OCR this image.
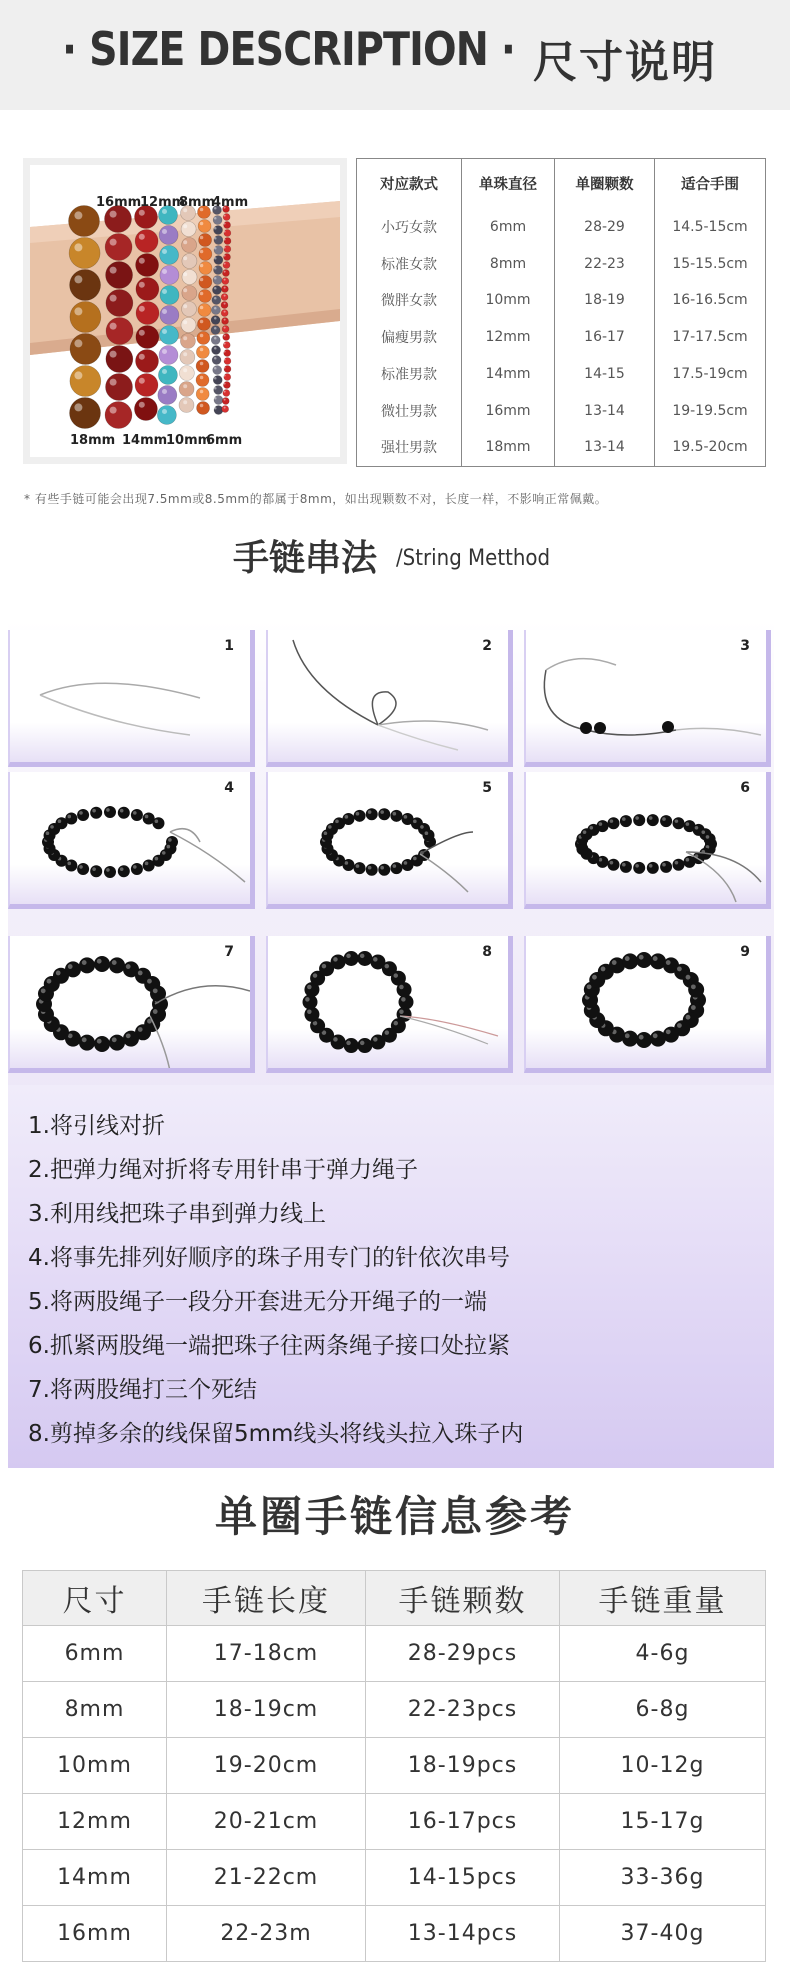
· SIZE DESCRIPTION · 尺寸说明
16mm
12mm
8mm
4mm
18mm 14mm
10mm
6mm
对应款式	单珠直径	单圈颗数	适合手围
小巧女款	6mm	28-29	14.5-15cm
标准女款	8mm	22-23	15-15.5cm
微胖女款	10mm	18-19	16-16.5cm
偏瘦男款	12mm	16-17	17-17.5cm
标准男款	14mm	14-15	17.5-19cm
微壮男款	16mm	13-14	19-19.5cm
强壮男款	18mm	13-14	19.5-20cm
* 有些手链可能会出现7.5mm或8.5mm的都属于8mm，如出现颗数不对，长度一样，不影响正常佩戴。
手链串法 /String Metthod
1	2	3
4	5	6
7	8	9
1.将引线对折
2.把弹力绳对折将专用针串于弹力绳子
3.利用线把珠子串到弹力线上
4.将事先排列好顺序的珠子用专门的针依次串号
5.将两股绳子一段分开套进无分开绳子的一端
6.抓紧两股绳一端把珠子往两条绳子接口处拉紧
7.将两股绳打三个死结
8.剪掉多余的线保留5mm线头将线头拉入珠子内
单圈手链信息参考
尺寸	手链长度	手链颗数	手链重量
6mm	17-18cm	28-29pcs	4-6g
8mm	18-19cm	22-23pcs	6-8g
10mm	19-20cm	18-19pcs	10-12g
12mm	20-21cm	16-17pcs	15-17g
14mm	21-22cm	14-15pcs	33-36g
16mm	22-23m	13-14pcs	37-40g
